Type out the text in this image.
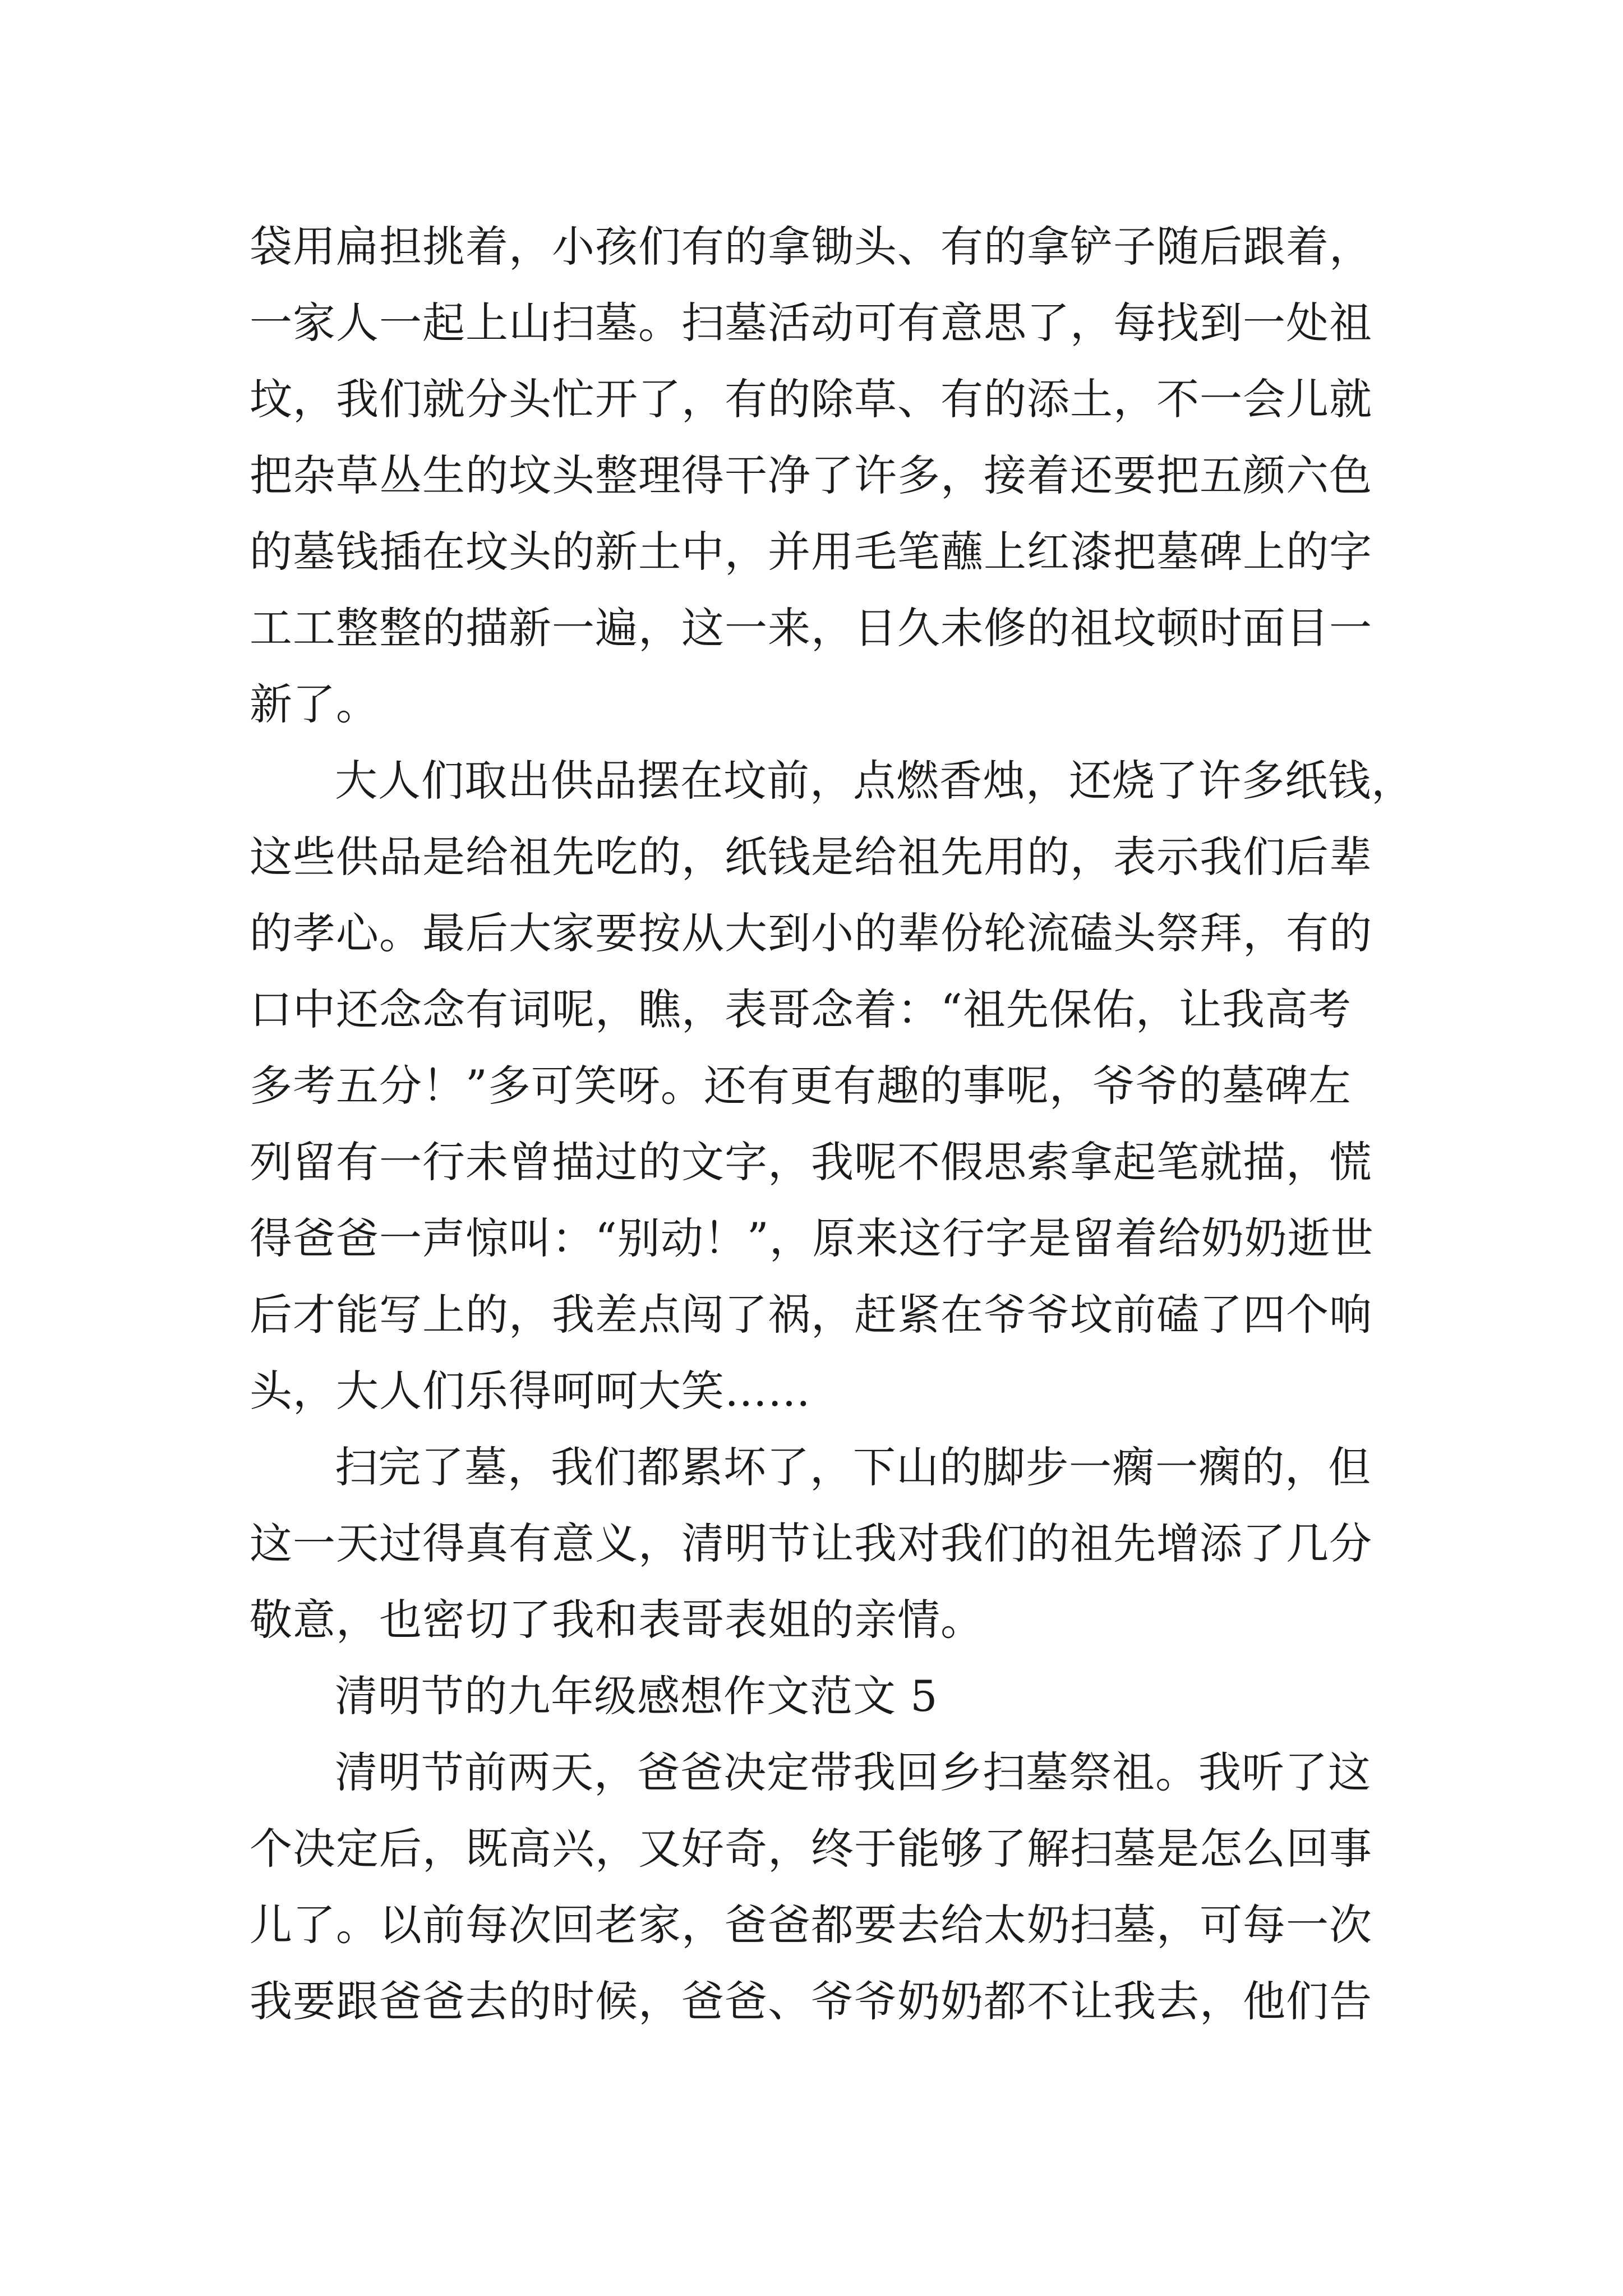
袋用扁担挑着，小孩们有的拿锄头、有的拿铲子随后跟着，
一家人一起上山扫墓。扫墓活动可有意思了，每找到一处祖
坟，我们就分头忙开了，有的除草、有的添土，不一会儿就
把杂草丛生的坟头整理得干净了许多，接着还要把五颜六色
的墓钱插在坟头的新土中，并用毛笔蘸上红漆把墓碑上的字
工工整整的描新一遍，这一来，日久未修的祖坟顿时面目一
新了。
大人们取出供品摆在坟前，点燃香烛，还烧了许多纸钱，
这些供品是给祖先吃的，纸钱是给祖先用的，表示我们后辈
的孝心。最后大家要按从大到小的辈份轮流磕头祭拜，有的
口中还念念有词呢，瞧，表哥念着：“祖先保佑，让我高考
多考五分！”多可笑呀。还有更有趣的事呢，爷爷的墓碑左
列留有一行未曾描过的文字，我呢不假思索拿起笔就描，慌
得爸爸一声惊叫：“别动！”，原来这行字是留着给奶奶逝世
后才能写上的，我差点闯了祸，赶紧在爷爷坟前磕了四个响
头，大人们乐得呵呵大笑……
扫完了墓，我们都累坏了，下山的脚步一瘸一瘸的，但
这一天过得真有意义，清明节让我对我们的祖先增添了几分
敬意，也密切了我和表哥表姐的亲情。
清明节的九年级感想作文范文 5
清明节前两天，爸爸决定带我回乡扫墓祭祖。我听了这
个决定后，既高兴，又好奇，终于能够了解扫墓是怎么回事
儿了。以前每次回老家，爸爸都要去给太奶扫墓，可每一次
我要跟爸爸去的时候，爸爸、爷爷奶奶都不让我去，他们告
